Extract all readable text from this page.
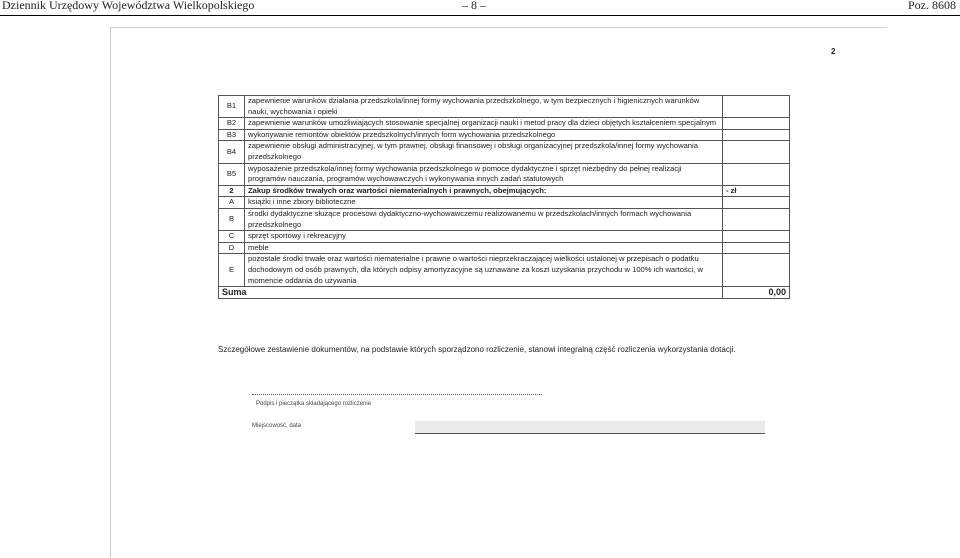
Dziennik Urzędowy Województwa Wielkopolskiego	– 8 –	Poz. 8608
2
B1	zapewnienie warunków działania przedszkola/innej formy wychowania przedszkolnego, w tym bezpiecznych i higienicznych warunków nauki, wychowania i opieki	
B2	zapewnienie warunków umożliwiających stosowanie specjalnej organizacji nauki i metod pracy dla dzieci objętych kształceniem specjalnym	
B3	wykonywanie remontów obiektów przedszkolnych/innych form wychowania przedszkolnego	
B4	zapewnienie obsługi administracyjnej, w tym prawnej, obsługi finansowej i obsługi organizacyjnej przedszkola/innej formy wychowania przedszkolnego	
B5	wyposażenie przedszkola/innej formy wychowania przedszkolnego w pomoce dydaktyczne i sprzęt niezbędny do pełnej realizacji programów nauczania, programów wychowawczych i wykonywania innych zadań statutowych	
2	Zakup środków trwałych oraz wartości niematerialnych i prawnych, obejmujących:	- zł
A	książki i inne zbiory biblioteczne	
B	środki dydaktyczne służące procesowi dydaktyczno-wychowawczemu realizowanemu w przedszkolach/innych formach wychowania przedszkolnego	
C	sprzęt sportowy i rekreacyjny	
D	meble	
E	pozostałe środki trwałe oraz wartości niematerialne i prawne o wartości nieprzekraczającej wielkości ustalonej w przepisach o podatku dochodowym od osób prawnych, dla których odpisy amortyzacyjne są uznawane za koszt uzyskania przychodu w 100% ich wartości, w momencie oddania do używania	
Suma		0,00
Szczegółowe zestawienie dokumentów, na podstawie których sporządzono rozliczenie, stanowi integralną część rozliczenia wykorzystania dotacji.
Podpis i pieczątka składającego rozliczenie
Miejscowość, data
